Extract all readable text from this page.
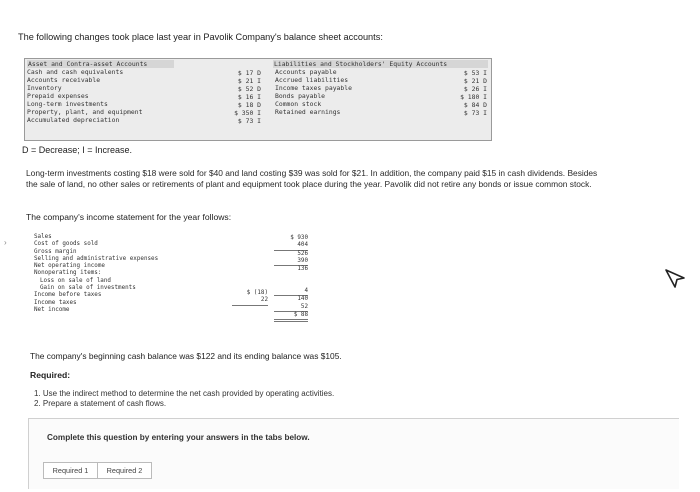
The following changes took place last year in Pavolik Company's balance sheet accounts:
Asset and Contra-asset Accounts
Cash and cash equivalents
Accounts receivable
Inventory
Prepaid expenses
Long-term investments
Property, plant, and equipment
Accumulated depreciation
$ 17 D
$ 21 I
$ 52 D
$ 16 I
$ 18 D
$ 350 I
$ 73 I
Liabilities and Stockholders' Equity Accounts
Accounts payable
Accrued liabilities
Income taxes payable
Bonds payable
Common stock
Retained earnings
$ 53 I
$ 21 D
$ 26 I
$ 180 I
$ 84 D
$ 73 I
D = Decrease; I = Increase.
Long-term investments costing $18 were sold for $40 and land costing $39 was sold for $21. In addition, the company paid $15 in cash dividends. Besides the sale of land, no other sales or retirements of plant and equipment took place during the year. Pavolik did not retire any bonds or issue common stock.
The company's income statement for the year follows:
›
Sales
Cost of goods sold
Gross margin
Selling and administrative expenses
Net operating income
Nonoperating items:
Loss on sale of land
Gain on sale of investments
Income before taxes
Income taxes
Net income
$ (18)
22
$ 930
404
526
390
136
4
140
52
$ 88
The company's beginning cash balance was $122 and its ending balance was $105.
Required:
1. Use the indirect method to determine the net cash provided by operating activities.
2. Prepare a statement of cash flows.
Complete this question by entering your answers in the tabs below.
Required 1	Required 2
